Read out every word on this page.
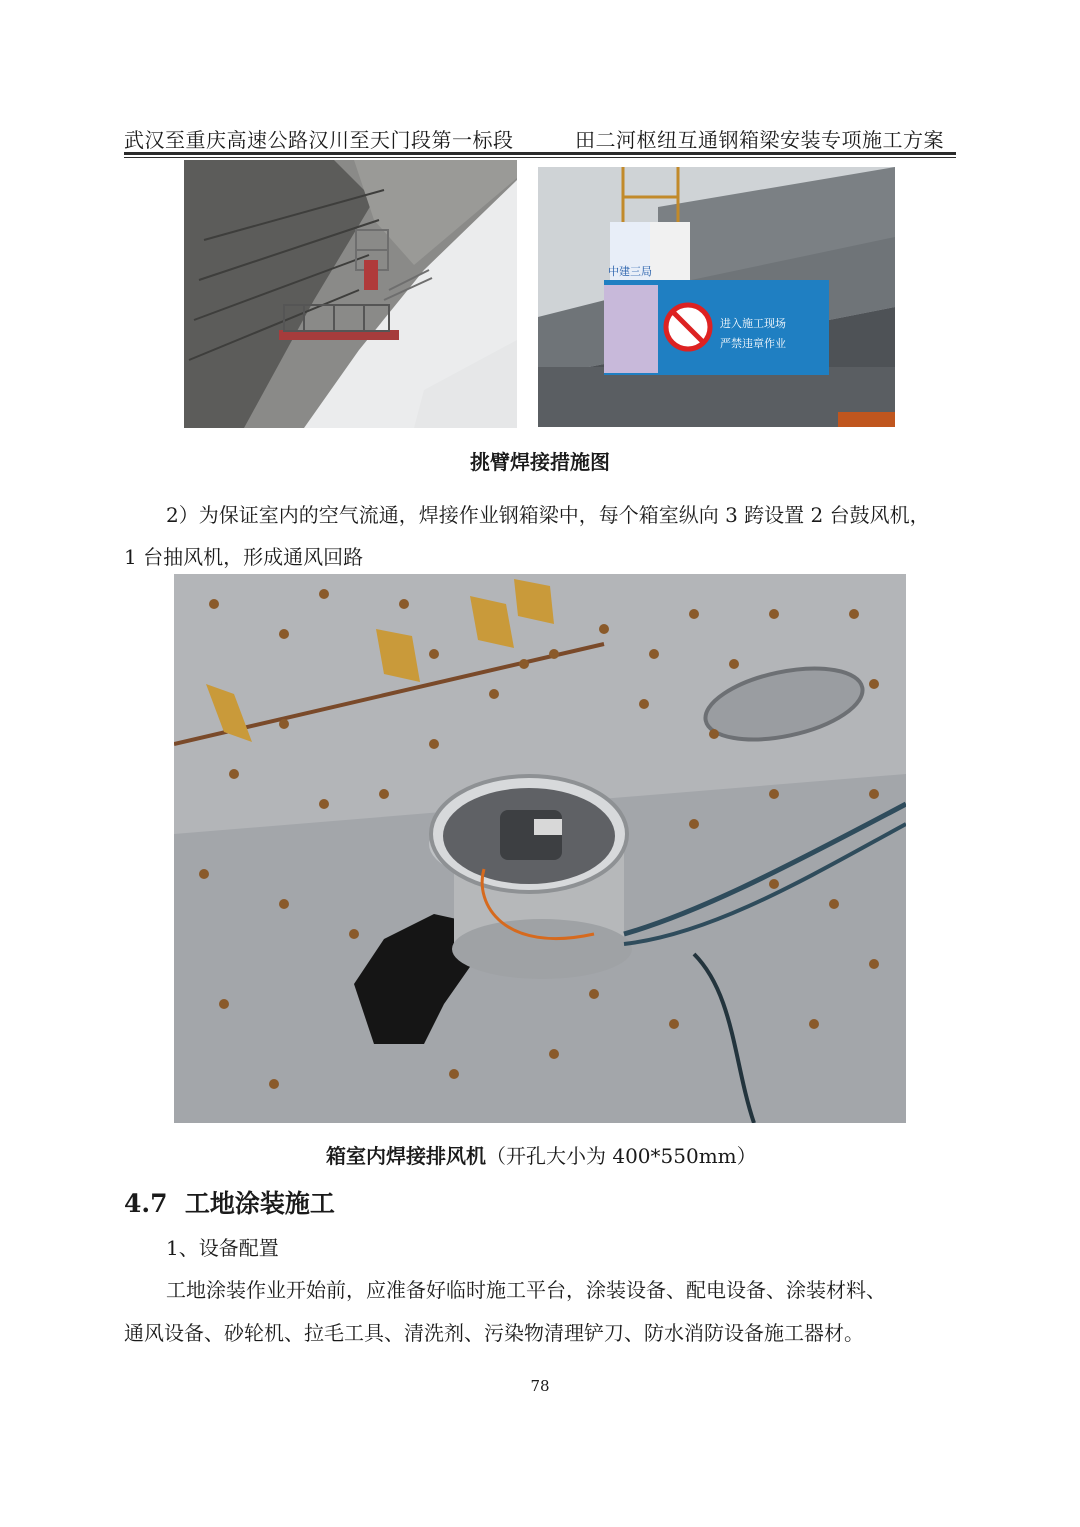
武汉至重庆高速公路汉川至天门段第一标段	田二河枢纽互通钢箱梁安装专项施工方案
中建三局
进入施工现场
严禁违章作业
挑臂焊接措施图
2）为保证室内的空气流通，焊接作业钢箱梁中，每个箱室纵向 3 跨设置 2 台鼓风机，
1 台抽风机，形成通风回路
箱室内焊接排风机（开孔大小为 400*550mm）
4.7 工地涂装施工
1、设备配置
工地涂装作业开始前，应准备好临时施工平台，涂装设备、配电设备、涂装材料、
通风设备、砂轮机、拉毛工具、清洗剂、污染物清理铲刀、防水消防设备施工器材。
78
